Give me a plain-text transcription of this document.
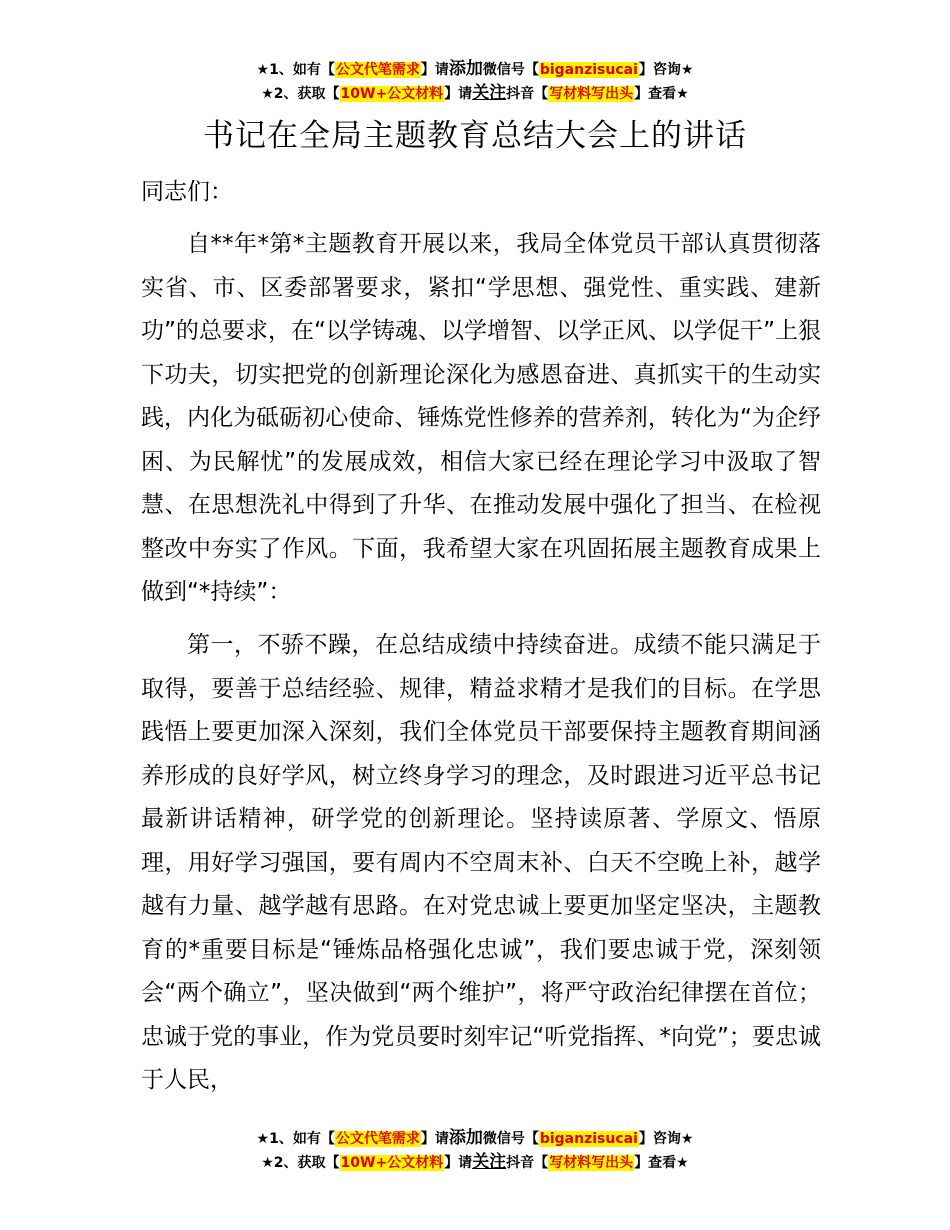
★1、如有【公文代笔需求】请添加微信号【biganzisucai】咨询★
★2、获取【10W+公文材料】请关注抖音【写材料写出头】查看★
书记在全局主题教育总结大会上的讲话
同志们：

自**年*第*主题教育开展以来，我局全体党员干部认真贯彻落实省、市、区委部署要求，紧扣“学思想、强党性、重实践、建新功”的总要求，在“以学铸魂、以学增智、以学正风、以学促干”上狠下功夫，切实把党的创新理论深化为感恩奋进、真抓实干的生动实践，内化为砥砺初心使命、锤炼党性修养的营养剂，转化为“为企纾困、为民解忧”的发展成效，相信大家已经在理论学习中汲取了智慧、在思想洗礼中得到了升华、在推动发展中强化了担当、在检视整改中夯实了作风。下面，我希望大家在巩固拓展主题教育成果上做到“*持续”：

第一，不骄不躁，在总结成绩中持续奋进。成绩不能只满足于取得，要善于总结经验、规律，精益求精才是我们的目标。在学思践悟上要更加深入深刻，我们全体党员干部要保持主题教育期间涵养形成的良好学风，树立终身学习的理念，及时跟进习近平总书记最新讲话精神，研学党的创新理论。坚持读原著、学原文、悟原理，用好学习强国，要有周内不空周末补、白天不空晚上补，越学越有力量、越学越有思路。在对党忠诚上要更加坚定坚决，主题教育的*重要目标是“锤炼品格强化忠诚”，我们要忠诚于党，深刻领会“两个确立”，坚决做到“两个维护”，将严守政治纪律摆在首位；忠诚于党的事业，作为党员要时刻牢记“听党指挥、*向党”；要忠诚于人民，

★1、如有【公文代笔需求】请添加微信号【biganzisucai】咨询★
★2、获取【10W+公文材料】请关注抖音【写材料写出头】查看★
